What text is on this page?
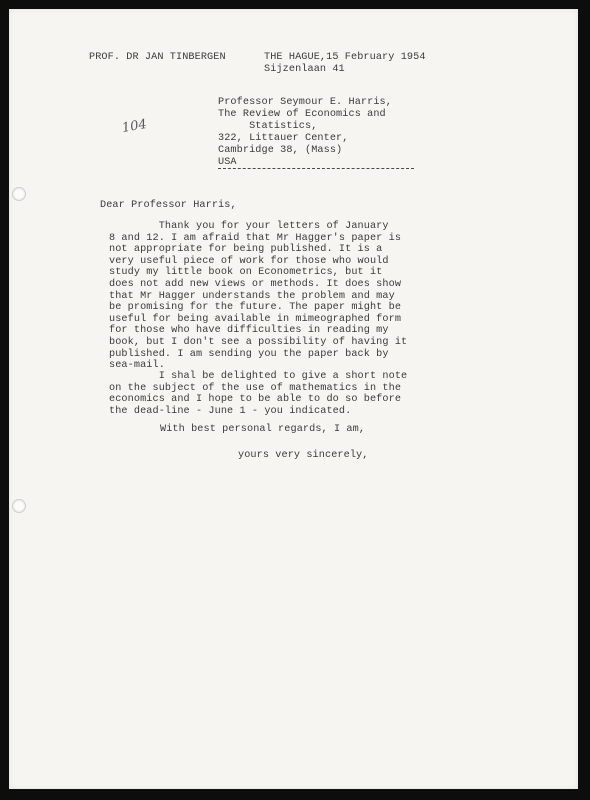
PROF. DR JAN TINBERGEN	THE HAGUE,15 February 1954
Sijzenlaan 41
104
Professor Seymour E. Harris,
The Review of Economics and
Statistics,
322, Littauer Center,
Cambridge 38, (Mass)
USA
Dear Professor Harris,
Thank you for your letters of January
8 and 12. I am afraid that Mr Hagger's paper is
not appropriate for being published. It is a
very useful piece of work for those who would
study my little book on Econometrics, but it
does not add new views or methods. It does show
that Mr Hagger understands the problem and may
be promising for the future. The paper might be
useful for being available in mimeographed form
for those who have difficulties in reading my
book, but I don't see a possibility of having it
published. I am sending you the paper back by
sea-mail.
I shal be delighted to give a short note
on the subject of the use of mathematics in the
economics and I hope to be able to do so before
the dead-line - June 1 - you indicated.
With best personal regards, I am,
yours very sincerely,
